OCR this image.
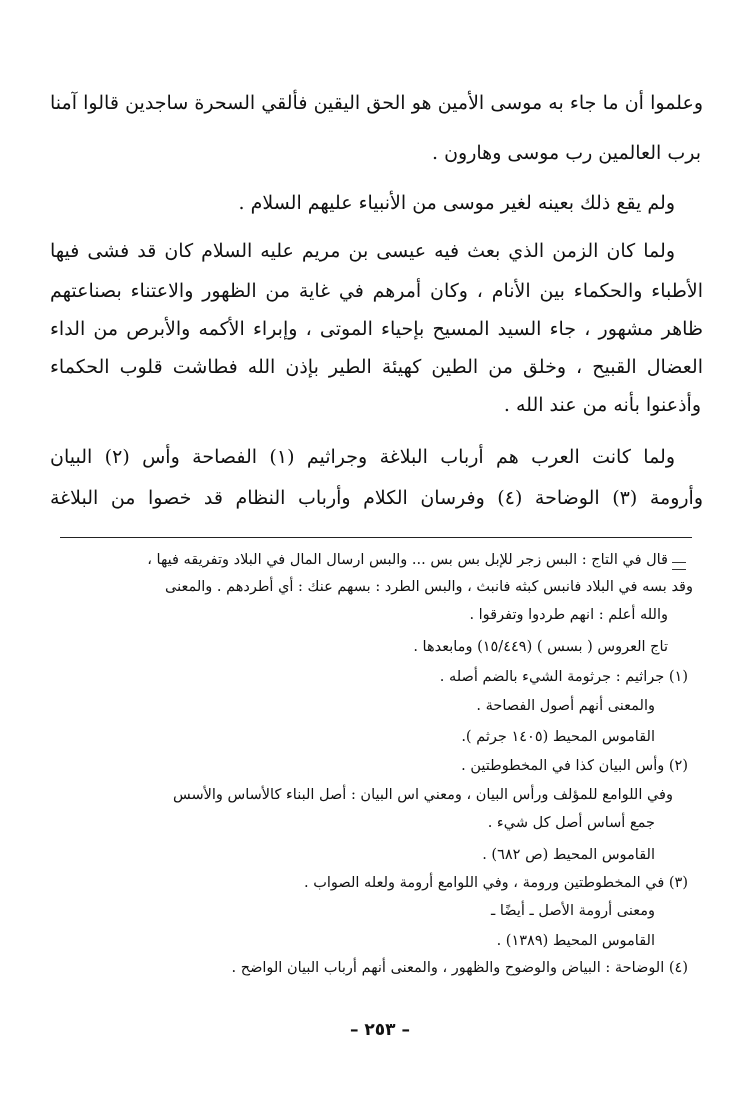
وعلموا أن ما جاء به موسى الأمين هو الحق اليقين فألقي السحرة ساجدين قالوا آمنا
برب العالمين رب موسى وهارون .
ولم يقع ذلك بعينه لغير موسى من الأنبياء عليهم السلام .
ولما كان الزمن الذي بعث فيه عيسى بن مريم عليه السلام كان قد فشى فيها
الأطباء والحكماء بين الأنام ، وكان أمرهم في غاية من الظهور والاعتناء بصناعتهم
ظاهر مشهور ، جاء السيد المسيح بإحياء الموتى ، وإبراء الأكمه والأبرص من الداء
العضال القبيح ، وخلق من الطين كهيئة الطير بإذن الله فطاشت قلوب الحكماء
وأذعنوا بأنه من عند الله .
ولما كانت العرب هم أرباب البلاغة وجراثيم (١) الفصاحة وأس (٢) البيان
وأرومة (٣) الوضاحة (٤) وفرسان الكلام وأرباب النظام قد خصوا من البلاغة
قال في التاج : البس زجر للإبل بس بس ... والبس ارسال المال في البلاد وتفريقه فيها ،
وقد بسه في البلاد فانبس كبثه فانبث ، والبس الطرد : بسهم عنك : أي أطردهم . والمعنى
والله أعلم : انهم طردوا وتفرقوا .
تاج العروس ( بسس ) (١٥/٤٤٩) ومابعدها .
(١) جراثيم : جرثومة الشيء بالضم أصله .
والمعنى أنهم أصول الفصاحة .
القاموس المحيط (١٤٠٥ جرثم ).
(٢) وأس البيان كذا في المخطوطتين .
وفي اللوامع للمؤلف ورأس البيان ، ومعني اس البيان : أصل البناء كالأساس والأسس
جمع أساس أصل كل شيء .
القاموس المحيط (ص ٦٨٢) .
(٣) في المخطوطتين ورومة ، وفي اللوامع أرومة ولعله الصواب .
ومعنى أرومة الأصل ـ أيضًا ـ
القاموس المحيط (١٣٨٩) .
(٤) الوضاحة : البياض والوضوح والظهور ، والمعنى أنهم أرباب البيان الواضح .
– ٢٥٣ –
